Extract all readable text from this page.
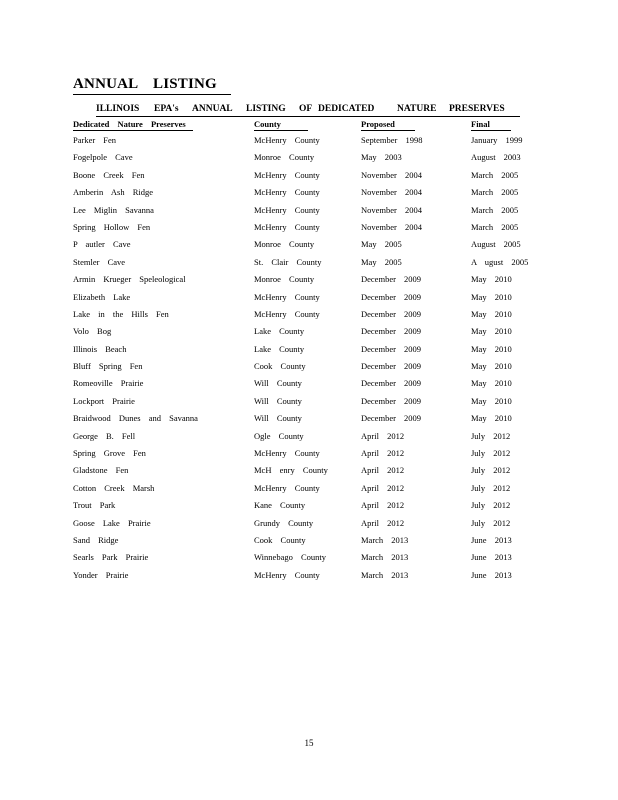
ANNUAL LISTING
ILLINOIS EPA's ANNUAL LISTING OF DEDICATED NATURE PRESERVES
Dedicated Nature Preserves	County	Proposed	Final
Parker Fen	McHenry County	September 1998	January 1999
Fogelpole Cave	Monroe County	May 2003	August 2003
Boone Creek Fen	McHenry County	November 2004	March 2005
Amberin Ash Ridge	McHenry County	November 2004	March 2005
Lee Miglin Savanna	McHenry County	November 2004	March 2005
Spring Hollow Fen	McHenry County	November 2004	March 2005
P autler Cave	Monroe County	May 2005	August 2005
Stemler Cave	St. Clair County	May 2005	A ugust 2005
Armin Krueger Speleological	Monroe County	December 2009	May 2010
Elizabeth Lake	McHenry County	December 2009	May 2010
Lake in the Hills Fen	McHenry County	December 2009	May 2010
Volo Bog	Lake County	December 2009	May 2010
Illinois Beach	Lake County	December 2009	May 2010
Bluff Spring Fen	Cook County	December 2009	May 2010
Romeoville Prairie	Will County	December 2009	May 2010
Lockport Prairie	Will County	December 2009	May 2010
Braidwood Dunes and Savanna	Will County	December 2009	May 2010
George B. Fell	Ogle County	April 2012	July 2012
Spring Grove Fen	McHenry County	April 2012	July 2012
Gladstone Fen	McH enry County	April 2012	July 2012
Cotton Creek Marsh	McHenry County	April 2012	July 2012
Trout Park	Kane County	April 2012	July 2012
Goose Lake Prairie	Grundy County	April 2012	July 2012
Sand Ridge	Cook County	March 2013	June 2013
Searls Park Prairie	Winnebago County	March 2013	June 2013
Yonder Prairie	McHenry County	March 2013	June 2013
15
